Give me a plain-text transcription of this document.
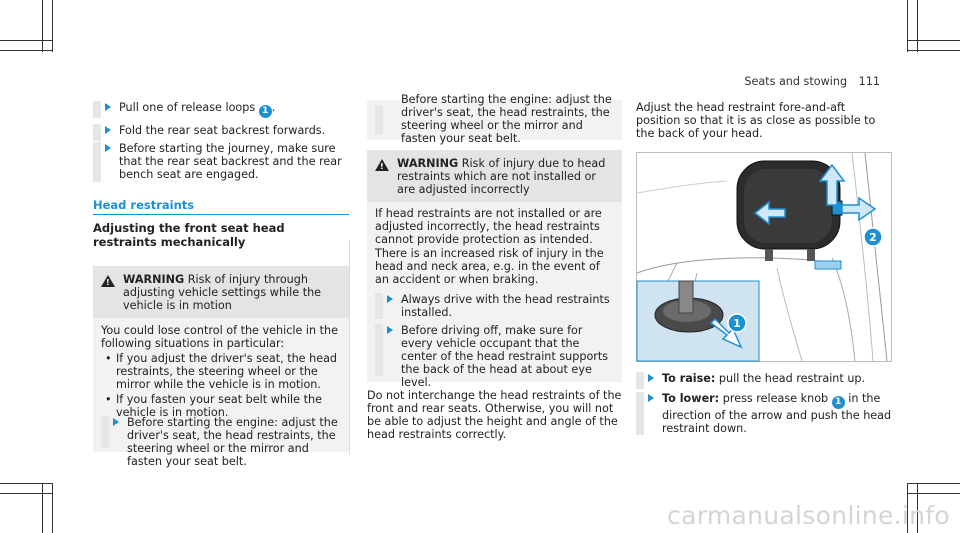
Seats and stowing 111
Pull one of release loops 1 .
Fold the rear seat backrest forwards.
Before starting the journey, make sure that the rear seat backrest and the rear bench seat are engaged.
Head restraints
Adjusting the front seat head restraints mechanically
! WARNING Risk of injury through adjusting vehicle settings while the vehicle is in motion

You could lose control of the vehicle in the following situations in particular:

• If you adjust the driver's seat, the head restraints, the steering wheel or the mirror while the vehicle is in motion.
• If you fasten your seat belt while the vehicle is in motion.
Before starting the engine: adjust the driver's seat, the head restraints, the steering wheel or the mirror and fasten your seat belt.
Before starting the engine: adjust the driver's seat, the head restraints, the steering wheel or the mirror and fasten your seat belt.
! WARNING Risk of injury due to head restraints which are not installed or are adjusted incorrectly

If head restraints are not installed or are adjusted incorrectly, the head restraints cannot provide protection as intended.

There is an increased risk of injury in the head and neck area, e.g. in the event of an accident or when braking.

Always drive with the head restraints installed.
Before driving off, make sure for every vehicle occupant that the center of the head restraint supports the back of the head at about eye level.
Do not interchange the head restraints of the front and rear seats. Otherwise, you will not be able to adjust the height and angle of the head restraints correctly.
Adjust the head restraint fore-and-aft position so that it is as close as possible to the back of your head.
2
1
To raise: pull the head restraint up.
To lower: press release knob 1 in the direction of the arrow and push the head restraint down.
carmanualsonline.info
